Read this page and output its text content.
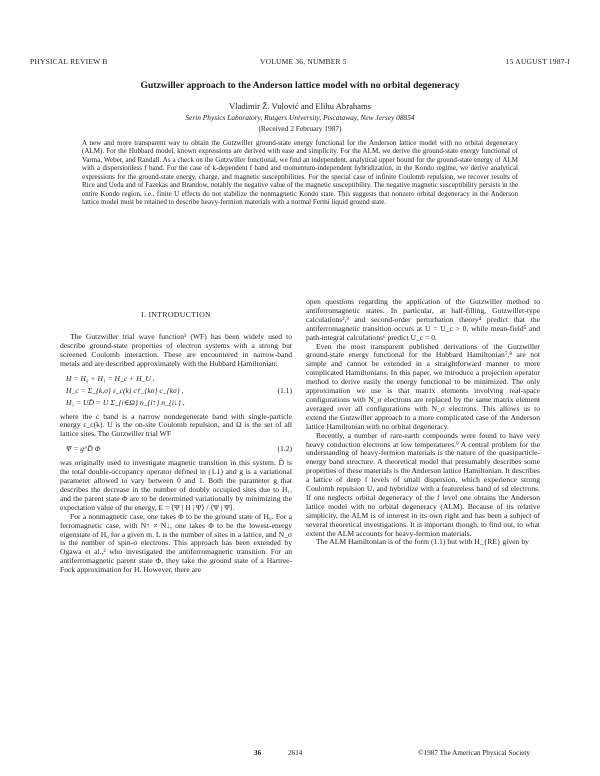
PHYSICAL REVIEW B	VOLUME 36, NUMBER 5	15 AUGUST 1987-I
Gutzwiller approach to the Anderson lattice model with no orbital degeneracy
Vladimir Ž. Vulović and Elihu Abrahams
Serin Physics Laboratory, Rutgers University, Piscataway, New Jersey 08854
(Received 2 February 1987)

A new and more transparent way to obtain the Gutzwiller ground-state energy functional for the Anderson lattice model with no orbital degeneracy (ALM). For the Hubbard model, known expressions are derived with ease and simplicity. For the ALM, we derive the ground-state energy functional of Varma, Weber, and Randall. As a check on the Gutzwiller functional, we find an independent, analytical upper bound for the ground-state energy of ALM with a dispersionless f band. For the case of k-dependent f band and momentum-independent hybridization, in the Kondo regime, we derive analytical expressions for the ground-state energy, charge, and magnetic susceptibilities. For the special case of infinite Coulomb repulsion, we recover results of Rice and Ueda and of Fazekas and Brandow, notably the negative value of the magnetic susceptibility. The negative magnetic susceptibility persists in the entire Kondo region, i.e., finite U effects do not stabilize the nonmagnetic Kondo state. This suggests that nonzero orbital degeneracy in the Anderson lattice model must be retained to describe heavy-fermion materials with a normal Fermi liquid ground state.

I. INTRODUCTION

The Gutzwiller trial wave function¹ (WF) has been widely used to describe ground-state properties of electron systems with a strong but screened Coulomb interaction. These are encountered in narrow-band metals and are described approximately with the Hubbard Hamiltonian:

H = H₀ + H₁ = H_c + H_U ,
H_c = Σ_{k,σ} ε_c(k) c†_{kσ} c_{kσ} ,	(1.1)
H₁ = UD̂ = U Σ_{i∈Ω} n_{i↑} n_{i↓} ,

where the c band is a narrow nondegenerate band with single-particle energy ε_c(k). U is the on-site Coulomb repulsion, and Ω is the set of all lattice sites. The Gutzwiller trial WF

Ψ = g^D̂ Φ	(1.2)

was originally used to investigate magnetic transition in this system. D̂ is the total double-occupancy operator defined in (1.1) and g is a variational parameter allowed to vary between 0 and 1. Both the parameter g that describes the decrease in the number of doubly occupied sites due to H₁, and the parent state Φ are to be determined variationally by minimizing the expectation value of the energy, E = ⟨Ψ | H | Ψ⟩ / ⟨Ψ | Ψ⟩.

For a nonmagnetic case, one takes Φ to be the ground state of H₀. For a ferromagnetic case, with N↑ ≠ N↓, one takes Φ to be the lowest-energy eigenstate of H₀ for a given m. L is the number of sites in a lattice, and N_σ is the number of spin-σ electrons. This approach has been extended by Ogawa et al.,² who investigated the antiferromagnetic transition. For an antiferromagnetic parent state Φ, they take the ground state of a Hartree-Fock approximation for H. However, there are

open questions regarding the application of the Gutzwiller method to antiferromagnetic states. In particular, at half-filling, Gutzwiller-type calculations²,³ and second-order perturbation theory⁴ predict that the antiferromagnetic transition occurs at U = U_c > 0, while mean-field⁵ and path-integral calculations⁶ predict U_c = 0.

Even the most transparent published derivations of the Gutzwiller ground-state energy functional for the Hubbard Hamiltonian⁷,⁸ are not simple and cannot be extended in a straightforward manner to more complicated Hamiltonians. In this paper, we introduce a projection operator method to derive easily the energy functional to be minimized. The only approximation we use is that matrix elements involving real-space configurations with N_σ electrons are replaced by the same matrix element averaged over all configurations with N_σ electrons. This allows us to extend the Gutzwiller approach to a more complicated case of the Anderson lattice Hamiltonian with no orbital degeneracy.

Recently, a number of rare-earth compounds were found to have very heavy conduction electrons at low temperatures.⁹ A central problem for the understanding of heavy-fermion materials is the nature of the quasiparticle-energy band structure. A theoretical model that presumably describes some properties of these materials is the Anderson lattice Hamiltonian. It describes a lattice of deep f levels of small dispersion, which experience strong Coulomb repulsion U, and hybridize with a featureless band of sd electrons. If one neglects orbital degeneracy of the f level one obtains the Anderson lattice model with no orbital degeneracy (ALM). Because of its relative simplicity, the ALM is of interest in its own right and has been a subject of several theoretical investigations. It is important though, to find out, to what extent the ALM accounts for heavy-fermion materials.

The ALM Hamiltonian is of the form (1.1) but with H_{RE} given by

36	2614	©1987 The American Physical Society
